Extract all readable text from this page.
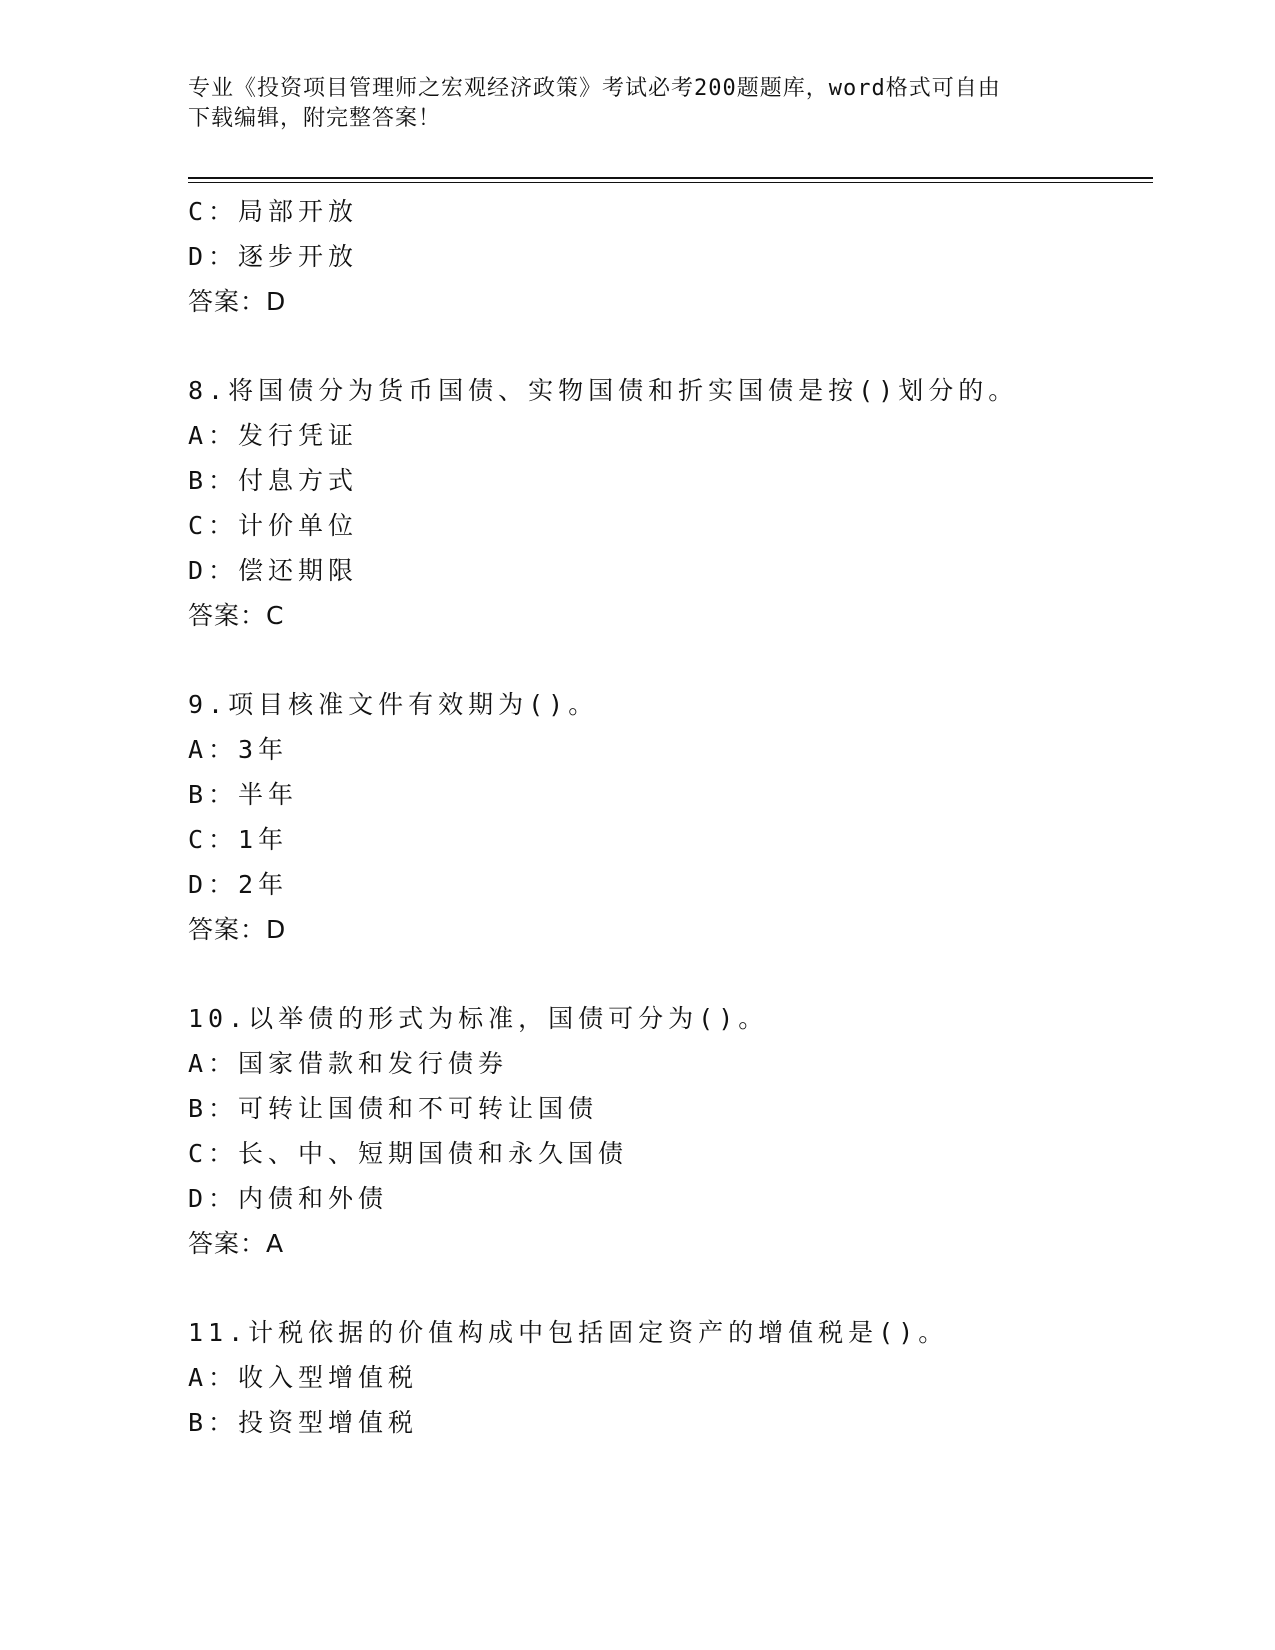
专业《投资项目管理师之宏观经济政策》考试必考200题题库，word格式可自由
下载编辑，附完整答案！
C：局部开放
D：逐步开放
答案：D
8.将国债分为货币国债、实物国债和折实国债是按()划分的。
A：发行凭证
B：付息方式
C：计价单位
D：偿还期限
答案：C
9.项目核准文件有效期为()。
A：3年
B：半年
C：1年
D：2年
答案：D
10.以举债的形式为标准，国债可分为()。
A：国家借款和发行债券
B：可转让国债和不可转让国债
C：长、中、短期国债和永久国债
D：内债和外债
答案：A
11.计税依据的价值构成中包括固定资产的增值税是()。
A：收入型增值税
B：投资型增值税
